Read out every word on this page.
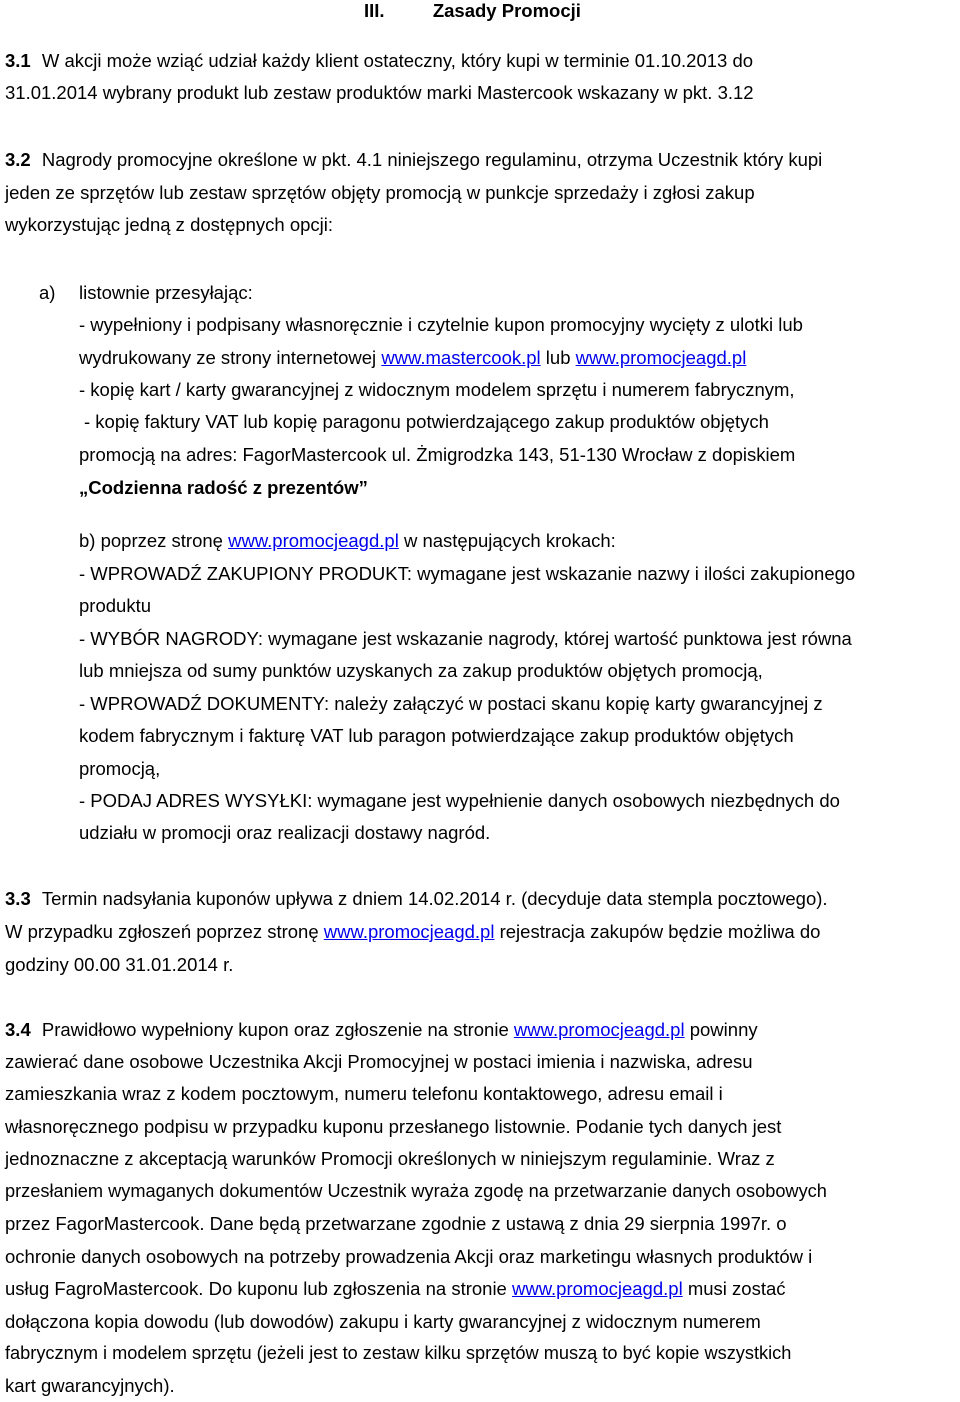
III.	Zasady Promocji
3.1 W akcji może wziąć udział każdy klient ostateczny, który kupi w terminie 01.10.2013 do
31.01.2014 wybrany produkt lub zestaw produktów marki Mastercook wskazany w pkt. 3.12
3.2 Nagrody promocyjne określone w pkt. 4.1 niniejszego regulaminu, otrzyma Uczestnik który kupi
jeden ze sprzętów lub zestaw sprzętów objęty promocją w punkcje sprzedaży i zgłosi zakup
wykorzystując jedną z dostępnych opcji:
a) listownie przesyłając:
- wypełniony i podpisany własnoręcznie i czytelnie kupon promocyjny wycięty z ulotki lub
wydrukowany ze strony internetowej www.mastercook.pl lub www.promocjeagd.pl
- kopię kart / karty gwarancyjnej z widocznym modelem sprzętu i numerem fabrycznym,
- kopię faktury VAT lub kopię paragonu potwierdzającego zakup produktów objętych
promocją na adres: FagorMastercook ul. Żmigrodzka 143, 51-130 Wrocław z dopiskiem
„Codzienna radość z prezentów”
b) poprzez stronę www.promocjeagd.pl w następujących krokach:
- WPROWADŹ ZAKUPIONY PRODUKT: wymagane jest wskazanie nazwy i ilości zakupionego
produktu
- WYBÓR NAGRODY: wymagane jest wskazanie nagrody, której wartość punktowa jest równa
lub mniejsza od sumy punktów uzyskanych za zakup produktów objętych promocją,
- WPROWADŹ DOKUMENTY: należy załączyć w postaci skanu kopię karty gwarancyjnej z
kodem fabrycznym i fakturę VAT lub paragon potwierdzające zakup produktów objętych
promocją,
- PODAJ ADRES WYSYŁKI: wymagane jest wypełnienie danych osobowych niezbędnych do
udziału w promocji oraz realizacji dostawy nagród.
3.3 Termin nadsyłania kuponów upływa z dniem 14.02.2014 r. (decyduje data stempla pocztowego).
W przypadku zgłoszeń poprzez stronę www.promocjeagd.pl rejestracja zakupów będzie możliwa do
godziny 00.00 31.01.2014 r.
3.4 Prawidłowo wypełniony kupon oraz zgłoszenie na stronie www.promocjeagd.pl powinny
zawierać dane osobowe Uczestnika Akcji Promocyjnej w postaci imienia i nazwiska, adresu
zamieszkania wraz z kodem pocztowym, numeru telefonu kontaktowego, adresu email i
własnoręcznego podpisu w przypadku kuponu przesłanego listownie. Podanie tych danych jest
jednoznaczne z akceptacją warunków Promocji określonych w niniejszym regulaminie. Wraz z
przesłaniem wymaganych dokumentów Uczestnik wyraża zgodę na przetwarzanie danych osobowych
przez FagorMastercook. Dane będą przetwarzane zgodnie z ustawą z dnia 29 sierpnia 1997r. o
ochronie danych osobowych na potrzeby prowadzenia Akcji oraz marketingu własnych produktów i
usług FagroMastercook. Do kuponu lub zgłoszenia na stronie www.promocjeagd.pl musi zostać
dołączona kopia dowodu (lub dowodów) zakupu i karty gwarancyjnej z widocznym numerem
fabrycznym i modelem sprzętu (jeżeli jest to zestaw kilku sprzętów muszą to być kopie wszystkich
kart gwarancyjnych).
